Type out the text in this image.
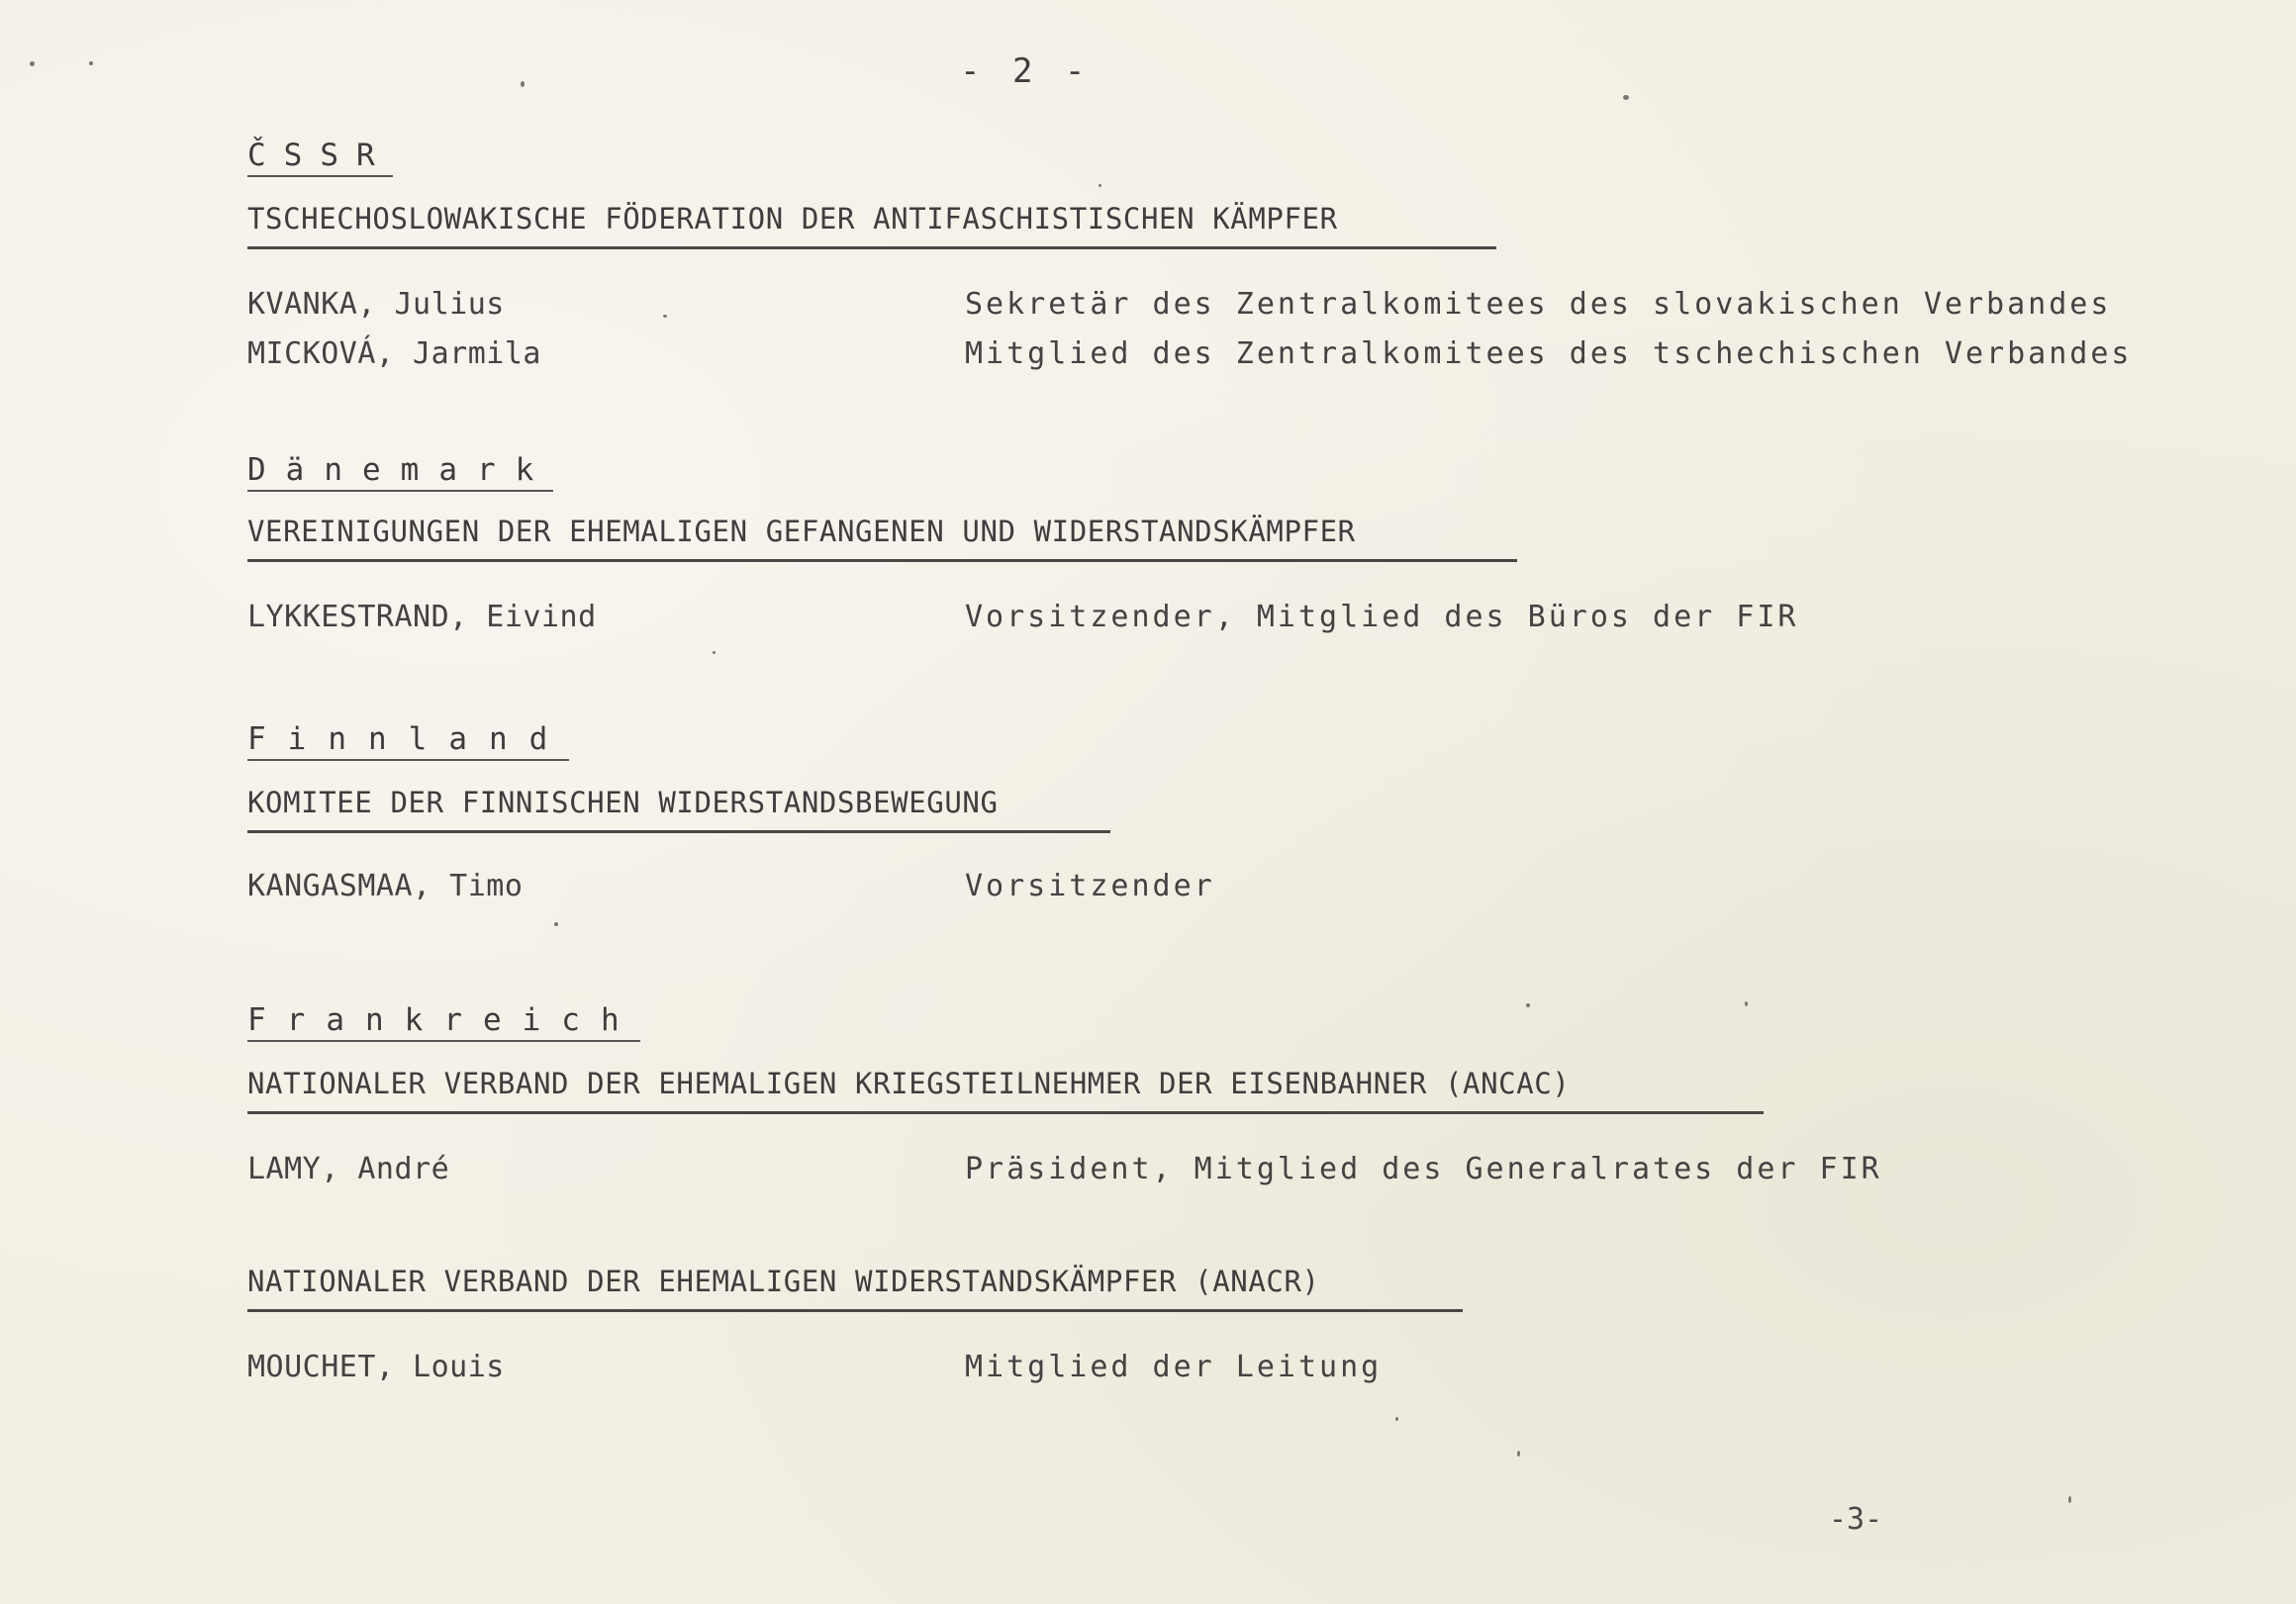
- 2 -
ČSSR
TSCHECHOSLOWAKISCHE FÖDERATION DER ANTIFASCHISTISCHEN KÄMPFER
KVANKA, Julius	Sekretär des Zentralkomitees des slovakischen Verbandes
MICKOVÁ, Jarmila	Mitglied des Zentralkomitees des tschechischen Verbandes
Dänemark
VEREINIGUNGEN DER EHEMALIGEN GEFANGENEN UND WIDERSTANDSKÄMPFER
LYKKESTRAND, Eivind	Vorsitzender, Mitglied des Büros der FIR
Finnland
KOMITEE DER FINNISCHEN WIDERSTANDSBEWEGUNG
KANGASMAA, Timo	Vorsitzender
Frankreich
NATIONALER VERBAND DER EHEMALIGEN KRIEGSTEILNEHMER DER EISENBAHNER (ANCAC)
LAMY, André	Präsident, Mitglied des Generalrates der FIR
NATIONALER VERBAND DER EHEMALIGEN WIDERSTANDSKÄMPFER (ANACR)
MOUCHET, Louis	Mitglied der Leitung
-3-
